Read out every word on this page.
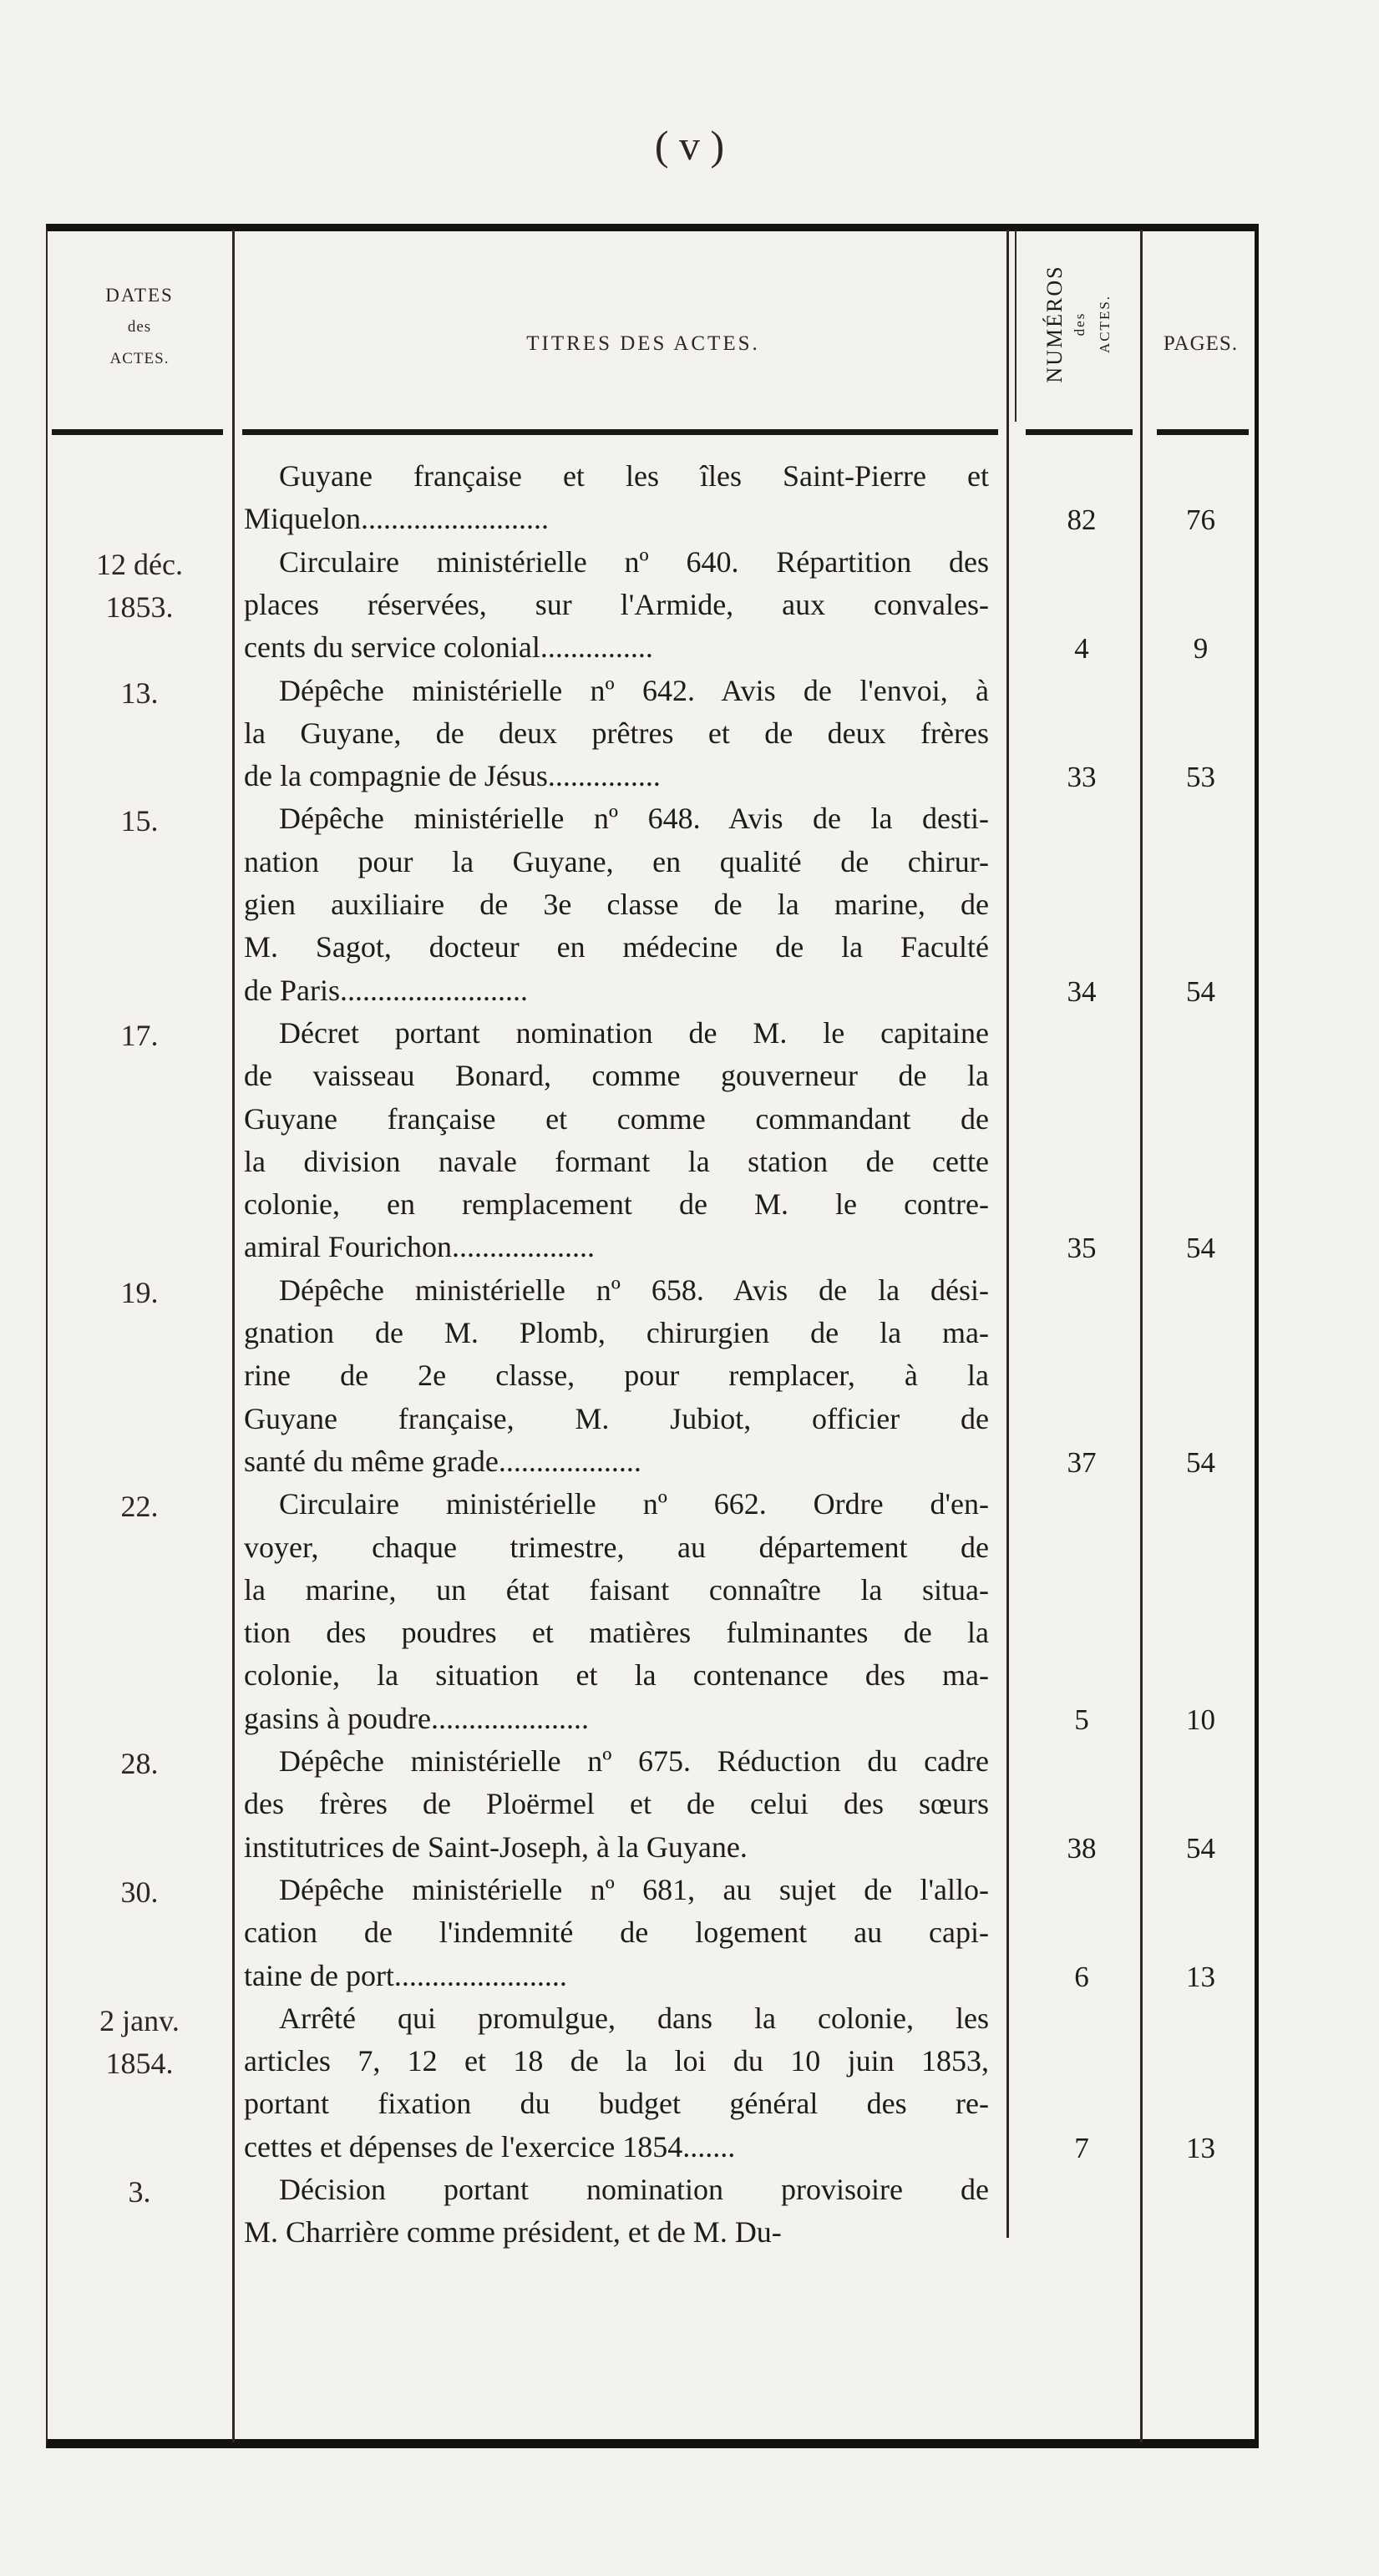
( v )
DATES
des
ACTES.
TITRES DES ACTES.	NUMÉROS des ACTES.	PAGES.
Guyane française et les îles Saint-Pierre et
Miquelon.........................
Circulaire ministérielle nº 640. Répartition des
places réservées, sur l'Armide, aux convales-
cents du service colonial...............
Dépêche ministérielle nº 642. Avis de l'envoi, à
la Guyane, de deux prêtres et de deux frères
de la compagnie de Jésus...............
Dépêche ministérielle nº 648. Avis de la desti-
nation pour la Guyane, en qualité de chirur-
gien auxiliaire de 3e classe de la marine, de
M. Sagot, docteur en médecine de la Faculté
de Paris.........................
Décret portant nomination de M. le capitaine
de vaisseau Bonard, comme gouverneur de la
Guyane française et comme commandant de
la division navale formant la station de cette
colonie, en remplacement de M. le contre-
amiral Fourichon...................
Dépêche ministérielle nº 658. Avis de la dési-
gnation de M. Plomb, chirurgien de la ma-
rine de 2e classe, pour remplacer, à la
Guyane française, M. Jubiot, officier de
santé du même grade...................
Circulaire ministérielle nº 662. Ordre d'en-
voyer, chaque trimestre, au département de
la marine, un état faisant connaître la situa-
tion des poudres et matières fulminantes de la
colonie, la situation et la contenance des ma-
gasins à poudre.....................
Dépêche ministérielle nº 675. Réduction du cadre
des frères de Ploërmel et de celui des sœurs
institutrices de Saint-Joseph, à la Guyane.
Dépêche ministérielle nº 681, au sujet de l'allo-
cation de l'indemnité de logement au capi-
taine de port.......................
Arrêté qui promulgue, dans la colonie, les
articles 7, 12 et 18 de la loi du 10 juin 1853,
portant fixation du budget général des re-
cettes et dépenses de l'exercice 1854.......
Décision portant nomination provisoire de
M. Charrière comme président, et de M. Du-
12 déc.
1853.
13.
15.
17.
19.
22.
28.
30.
2 janv.
1854.
3.
82
4
33
34
35
37
5
38
6
7
76
9
53
54
54
54
10
54
13
13
